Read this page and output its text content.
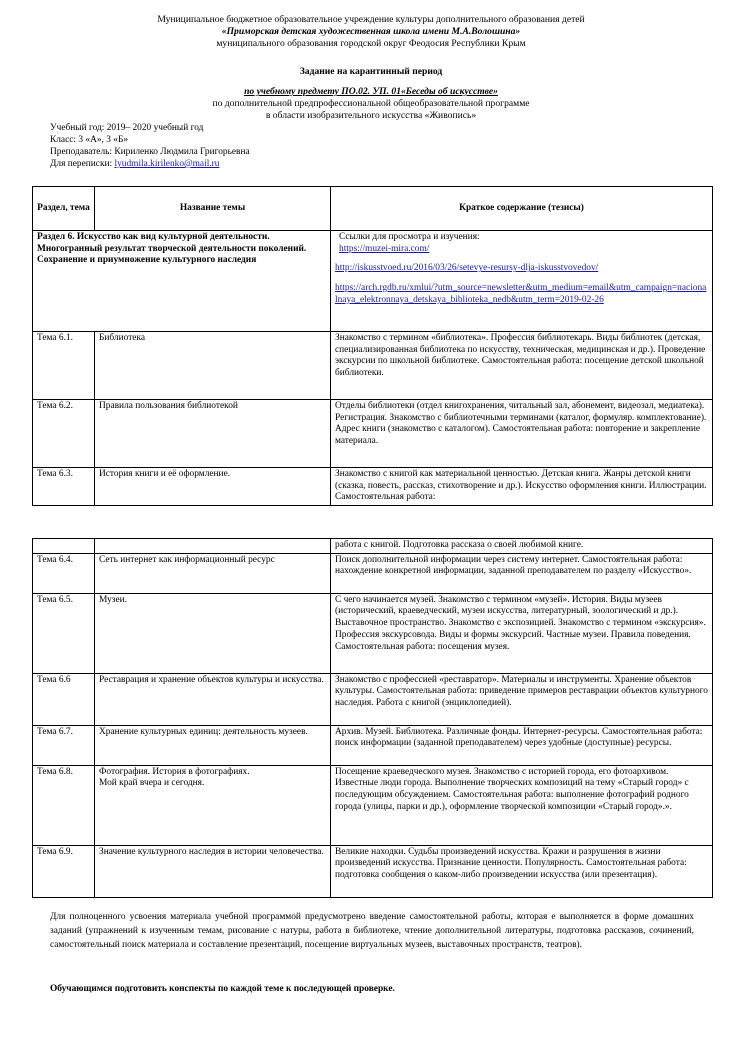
Муниципальное бюджетное образовательное учреждение культуры дополнительного образования детей
«Приморская детская художественная школа имени М.А.Волошина»
муниципального образования городской округ Феодосия Республики Крым
Задание на карантинный период
по учебному предмету ПО.02. УП. 01«Беседы об искусстве»
по дополнительной предпрофессиональной общеобразовательной программе
в области изобразительного искусства «Живопись»
Учебный год: 2019– 2020 учебный год
Класс: 3 «А», 3 «Б»
Преподаватель: Кириленко Людмила Григорьевна
Для переписки: lyudmila.kirilenko@mail.ru
Раздел, тема	Название темы	Краткое содержание (тезисы)
Раздел 6. Искусство как вид культурной деятельности. Многогранный результат творческой деятельности поколений. Сохранение и приумножение культурного наследия		Ссылки для просмотра и изучения:
https://muzei-mira.com/
http://iskusstvoed.ru/2016/03/26/setevye-resursy-dlja-iskusstvovedov/
https://arch.rgdb.ru/xmlui/?utm_source=newsletter&utm_medium=email&utm_campaign=nacionalnaya_elektronnaya_detskaya_biblioteka_nedb&utm_term=2019-02-26

Тема 6.1.	Библиотека	Знакомство с термином «библиотека». Профессия библиотекарь. Виды библиотек (детская, специализированная библиотека по искусству, техническая, медицинская и др.). Проведение экскурсии по школьной библиотеке. Самостоятельная работа: посещение детской школьной библиотеки.
Тема 6.2.	Правила пользования библиотекой	Отделы библиотеки (отдел книгохранения, читальный зал, абонемент, видеозал, медиатека). Регистрация. Знакомство с библиотечными терминами (каталог, формуляр. комплектование). Адрес книги (знакомство с каталогом). Самостоятельная работа: повторение и закрепление материала.
Тема 6.3.	История книги и её оформление.	Знакомство с книгой как материальной ценностью. Детская книга. Жанры детской книги (сказка, повесть, рассказ, стихотворение и др.). Искусство оформления книги. Иллюстрации. Самостоятельная работа:
		работа с книгой. Подготовка рассказа о своей любимой книге.
Тема 6.4.	Сеть интернет как информационный ресурс	Поиск дополнительной информации через систему интернет. Самостоятельная работа: нахождение конкретной информации, заданной преподавателем по разделу «Искусство».
Тема 6.5.	Музеи.	С чего начинается музей. Знакомство с термином «музей». История. Виды музеев (исторический, краеведческий, музеи искусства, литературный, зоологический и др.). Выставочное пространство. Знакомство с экспозицией. Знакомство с термином «экскурсия». Профессия экскурсовода. Виды и формы экскурсий. Частные музеи. Правила поведения. Самостоятельная работа: посещения музея.
Тема 6.6	Реставрация и хранение объектов культуры и искусства.	Знакомство с профессией «реставратор». Материалы и инструменты. Хранение объектов культуры. Самостоятельная работа: приведение примеров реставрации объектов культурного наследия. Работа с книгой (энциклопедией).
Тема 6.7.	Хранение культурных единиц: деятельность музеев.	Архив. Музей. Библиотека. Различные фонды. Интернет-ресурсы. Самостоятельная работа: поиск информации (заданной преподавателем) через удобные (доступные) ресурсы.
Тема 6.8.	Фотография. История в фотографиях.
Мой край вчера и сегодня.	Посещение краеведческого музея. Знакомство с историей города, его фотоархивом. Известные люди города. Выполнение творческих композиций на тему «Старый город» с последующим обсуждением. Самостоятельная работа: выполнение фотографий родного города (улицы, парки и др.), оформление творческой композиции «Старый город».».
Тема 6.9.	Значение культурного наследия в истории человечества.	Великие находки. Судьбы произведений искусства. Кражи и разрушения в жизни произведений искусства. Признание ценности. Популярность. Самостоятельная работа: подготовка сообщения о каком-либо произведении искусства (или презентация).
Для полноценного усвоения материала учебной программой предусмотрено введение самостоятельной работы, которая е выполняется в форме домашних заданий (упражнений к изученным темам, рисование с натуры, работа в библиотеке, чтение дополнительной литературы, подготовка рассказов, сочинений, самостоятельный поиск материала и составление презентаций, посещение виртуальных музеев, выставочных пространств, театров).
Обучающимся подготовить конспекты по каждой теме к последующей проверке.
